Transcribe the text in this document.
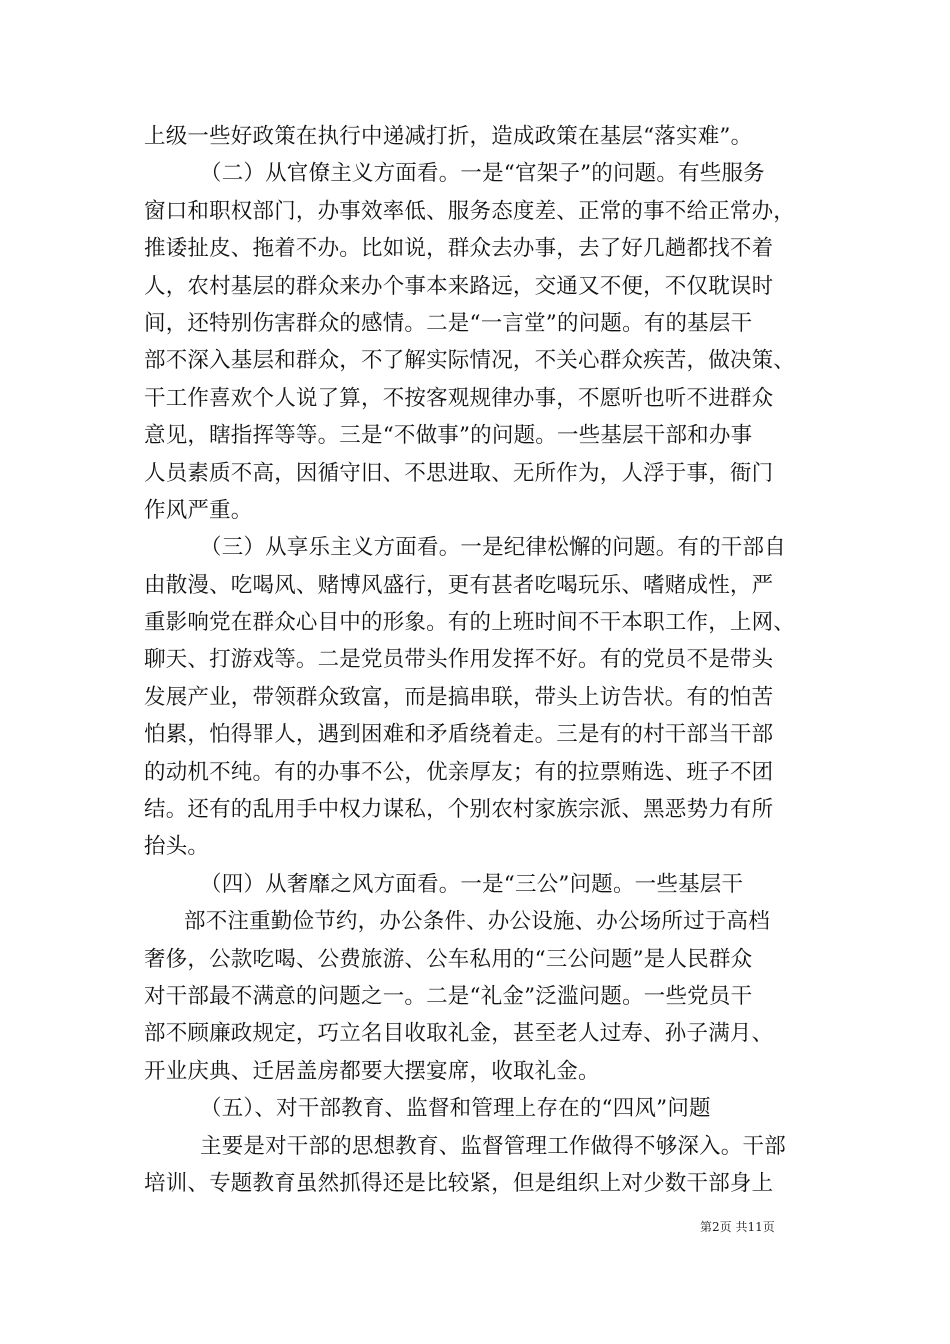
上级一些好政策在执行中递减打折，造成政策在基层“落实难”。
（二）从官僚主义方面看。一是“官架子”的问题。有些服务
窗口和职权部门，办事效率低、服务态度差、正常的事不给正常办，
推诿扯皮、拖着不办。比如说，群众去办事，去了好几趟都找不着
人，农村基层的群众来办个事本来路远，交通又不便，不仅耽误时
间，还特别伤害群众的感情。二是“一言堂”的问题。有的基层干
部不深入基层和群众，不了解实际情况，不关心群众疾苦，做决策、
干工作喜欢个人说了算，不按客观规律办事，不愿听也听不进群众
意见，瞎指挥等等。三是“不做事”的问题。一些基层干部和办事
人员素质不高，因循守旧、不思进取、无所作为，人浮于事，衙门
作风严重。
（三）从享乐主义方面看。一是纪律松懈的问题。有的干部自
由散漫、吃喝风、赌博风盛行，更有甚者吃喝玩乐、嗜赌成性，严
重影响党在群众心目中的形象。有的上班时间不干本职工作，上网、
聊天、打游戏等。二是党员带头作用发挥不好。有的党员不是带头
发展产业，带领群众致富，而是搞串联，带头上访告状。有的怕苦
怕累，怕得罪人，遇到困难和矛盾绕着走。三是有的村干部当干部
的动机不纯。有的办事不公，优亲厚友；有的拉票贿选、班子不团
结。还有的乱用手中权力谋私，个别农村家族宗派、黑恶势力有所
抬头。
（四）从奢靡之风方面看。一是“三公”问题。一些基层干
部不注重勤俭节约，办公条件、办公设施、办公场所过于高档
奢侈，公款吃喝、公费旅游、公车私用的“三公问题”是人民群众
对干部最不满意的问题之一。二是“礼金”泛滥问题。一些党员干
部不顾廉政规定，巧立名目收取礼金，甚至老人过寿、孙子满月、
开业庆典、迁居盖房都要大摆宴席，收取礼金。
（五）、对干部教育、监督和管理上存在的“四风”问题
主要是对干部的思想教育、监督管理工作做得不够深入。干部
培训、专题教育虽然抓得还是比较紧，但是组织上对少数干部身上
第2页 共11页
